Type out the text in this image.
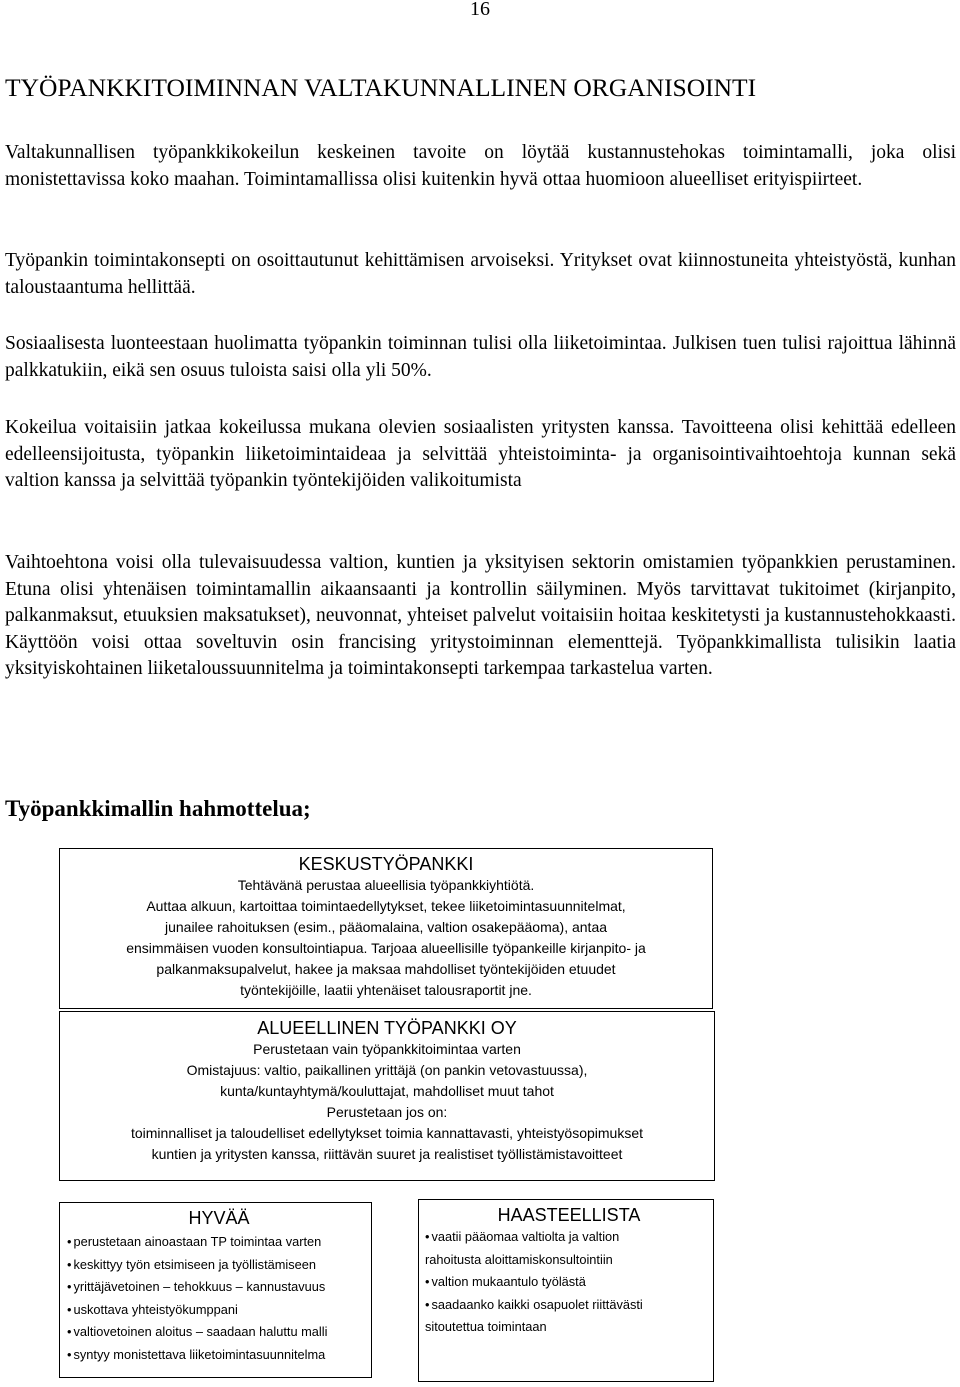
16
TYÖPANKKITOIMINNAN VALTAKUNNALLINEN ORGANISOINTI

Valtakunnallisen työpankkikokeilun keskeinen tavoite on löytää kustannustehokas toimintamalli, joka olisi monistettavissa koko maahan. Toimintamallissa olisi kuitenkin hyvä ottaa huomioon alueelliset erityispiirteet.

Työpankin toimintakonsepti on osoittautunut kehittämisen arvoiseksi. Yritykset ovat kiinnostuneita yhteistyöstä, kunhan taloustaantuma hellittää.

Sosiaalisesta luonteestaan huolimatta työpankin toiminnan tulisi olla liiketoimintaa. Julkisen tuen tulisi rajoittua lähinnä palkkatukiin, eikä sen osuus tuloista saisi olla yli 50%.

Kokeilua voitaisiin jatkaa kokeilussa mukana olevien sosiaalisten yritysten kanssa. Tavoitteena olisi kehittää edelleen edelleensijoitusta, työpankin liiketoimintaideaa ja selvittää yhteistoiminta- ja organisointivaihtoehtoja kunnan sekä valtion kanssa ja selvittää työpankin työntekijöiden valikoitumista

Vaihtoehtona voisi olla tulevaisuudessa valtion, kuntien ja yksityisen sektorin omistamien työpankkien perustaminen. Etuna olisi yhtenäisen toimintamallin aikaansaanti ja kontrollin säilyminen. Myös tarvittavat tukitoimet (kirjanpito, palkanmaksut, etuuksien maksatukset), neuvonnat, yhteiset palvelut voitaisiin hoitaa keskitetysti ja kustannustehokkaasti. Käyttöön voisi ottaa soveltuvin osin francising yritystoiminnan elementtejä. Työpankkimallista tulisikin laatia yksityiskohtainen liiketaloussuunnitelma ja toimintakonsepti tarkempaa tarkastelua varten.

Työpankkimallin hahmottelua;

KESKUSTYÖPANKKI

Tehtävänä perustaa alueellisia työpankkiyhtiötä.

Auttaa alkuun, kartoittaa toimintaedellytykset, tekee liiketoimintasuunnitelmat,

junailee rahoituksen (esim., pääomalaina, valtion osakepääoma), antaa

ensimmäisen vuoden konsultointiapua. Tarjoaa alueellisille työpankeille kirjanpito- ja

palkanmaksupalvelut, hakee ja maksaa mahdolliset työntekijöiden etuudet

työntekijöille, laatii yhtenäiset talousraportit jne.

ALUEELLINEN TYÖPANKKI OY

Perustetaan vain työpankkitoimintaa varten

Omistajuus: valtio, paikallinen yrittäjä (on pankin vetovastuussa),

kunta/kuntayhtymä/kouluttajat, mahdolliset muut tahot

Perustetaan jos on:

toiminnalliset ja taloudelliset edellytykset toimia kannattavasti, yhteistyösopimukset

kuntien ja yritysten kanssa, riittävän suuret ja realistiset työllistämistavoitteet

HYVÄÄ

• perustetaan ainoastaan TP toimintaa varten
• keskittyy työn etsimiseen ja työllistämiseen
• yrittäjävetoinen – tehokkuus – kannustavuus
• uskottava yhteistyökumppani
• valtiovetoinen aloitus – saadaan haluttu malli
• syntyy monistettava liiketoimintasuunnitelma

HAASTEELLISTA

• vaatii pääomaa valtiolta ja valtion
rahoitusta aloittamiskonsultointiin
• valtion mukaantulo työlästä
• saadaanko kaikki osapuolet riittävästi
sitoutettua toimintaan
